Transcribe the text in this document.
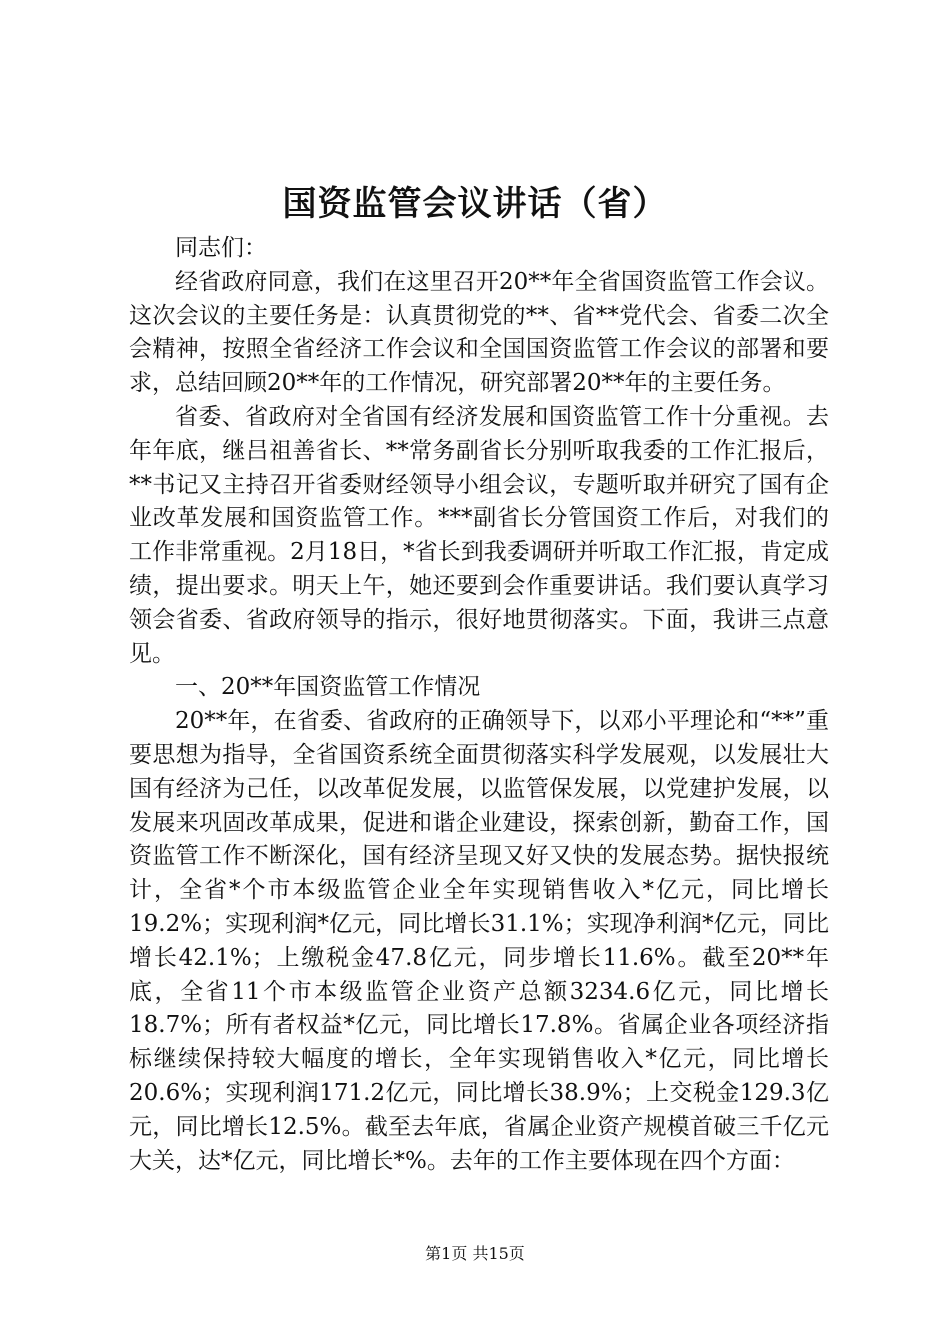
国资监管会议讲话（省）

同志们：

经省政府同意，我们在这里召开20**年全省国资监管工作会议。这次会议的主要任务是：认真贯彻党的**、省**党代会、省委二次全会精神，按照全省经济工作会议和全国国资监管工作会议的部署和要求，总结回顾20**年的工作情况，研究部署20**年的主要任务。

省委、省政府对全省国有经济发展和国资监管工作十分重视。去年年底，继吕祖善省长、**常务副省长分别听取我委的工作汇报后，**书记又主持召开省委财经领导小组会议，专题听取并研究了国有企业改革发展和国资监管工作。***副省长分管国资工作后，对我们的工作非常重视。2月18日，*省长到我委调研并听取工作汇报，肯定成绩，提出要求。明天上午，她还要到会作重要讲话。我们要认真学习领会省委、省政府领导的指示，很好地贯彻落实。下面，我讲三点意见。

一、20**年国资监管工作情况

20**年，在省委、省政府的正确领导下，以邓小平理论和“**”重要思想为指导，全省国资系统全面贯彻落实科学发展观，以发展壮大国有经济为己任，以改革促发展，以监管保发展，以党建护发展，以发展来巩固改革成果，促进和谐企业建设，探索创新，勤奋工作，国资监管工作不断深化，国有经济呈现又好又快的发展态势。据快报统计，全省*个市本级监管企业全年实现销售收入*亿元，同比增长19.2%；实现利润*亿元，同比增长31.1%；实现净利润*亿元，同比增长42.1%；上缴税金47.8亿元，同步增长11.6%。截至20**年底，全省11个市本级监管企业资产总额3234.6亿元，同比增长18.7%；所有者权益*亿元，同比增长17.8%。省属企业各项经济指标继续保持较大幅度的增长，全年实现销售收入*亿元，同比增长20.6%；实现利润171.2亿元，同比增长38.9%；上交税金129.3亿元，同比增长12.5%。截至去年底，省属企业资产规模首破三千亿元大关，达*亿元，同比增长*%。去年的工作主要体现在四个方面：

第1页 共15页
